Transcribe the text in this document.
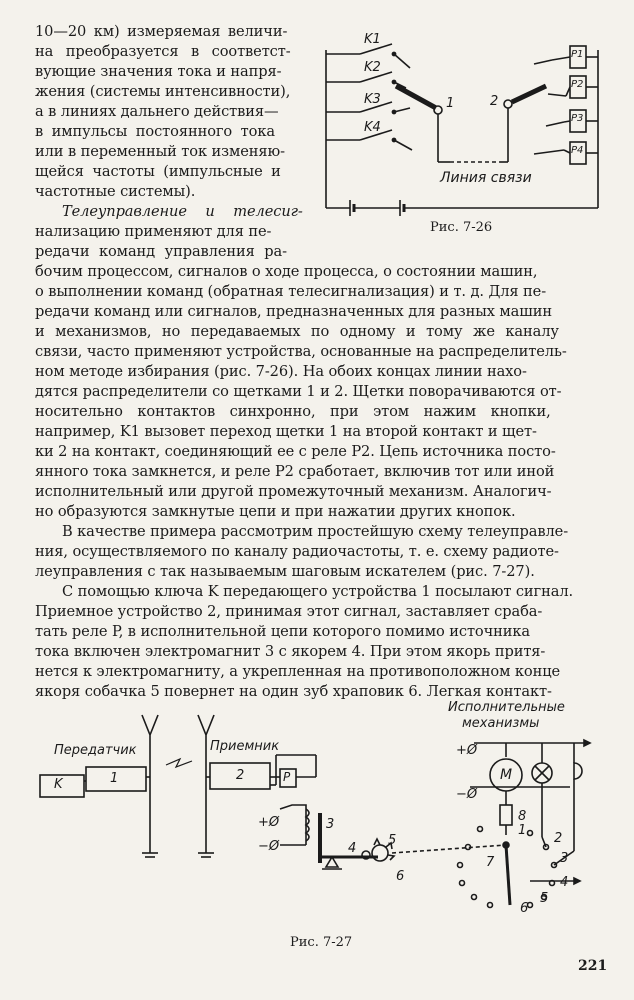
10—20 км) измеряемая величи-
на преобразуется в соответст-
вующие значения тока и напря-
жения (системы интенсивности),
а в линиях дальнего действия—
в импульсы постоянного тока
или в переменный ток изменяю-
щейся частоты (импульсные и
частотные системы).
Телеуправление и телесиг-
нализацию применяют для пе-
редачи команд управления ра-
бочим процессом, сигналов о ходе процесса, о состоянии машин,
о выполнении команд (обратная телесигнализация) и т. д. Для пе-
редачи команд или сигналов, предназначенных для разных машин
и механизмов, но передаваемых по одному и тому же каналу
связи, часто применяют устройства, основанные на распределитель-
ном методе избирания (рис. 7-26). На обоих концах линии нахо-
дятся распределители со щетками 1 и 2. Щетки поворачиваются от-
носительно контактов синхронно, при этом нажим кнопки,
например, K1 вызовет переход щетки 1 на второй контакт и щет-
ки 2 на контакт, соединяющий ее с реле P2. Цепь источника посто-
янного тока замкнется, и реле P2 сработает, включив тот или иной
исполнительный или другой промежуточный механизм. Аналогич-
но образуются замкнутые цепи и при нажатии других кнопок.
В качестве примера рассмотрим простейшую схему телеуправле-
ния, осуществляемого по каналу радиочастоты, т. е. схему радиоте-
леуправления с так называемым шаговым искателем (рис. 7-27).
С помощью ключа K передающего устройства 1 посылают сигнал.
Приемное устройство 2, принимая этот сигнал, заставляет сраба-
тать реле P, в исполнительной цепи которого помимо источника
тока включен электромагнит 3 с якорем 4. При этом якорь притя-
нется к электромагниту, а укрепленная на противоположном конце
якоря собачка 5 повернет на один зуб храповик 6. Легкая контакт-
K1
K2
K3
K4
1	2
P1
P2
P3
P4
Линия связи
Рис. 7-26
Передатчик	Приемник
K	1	2	P
+Ø
−Ø
3
4
5
6
Исполнительные
механизмы
+Ø
−Ø
M
8
7
1
2
3
4
5
6
Рис. 7-27
221
